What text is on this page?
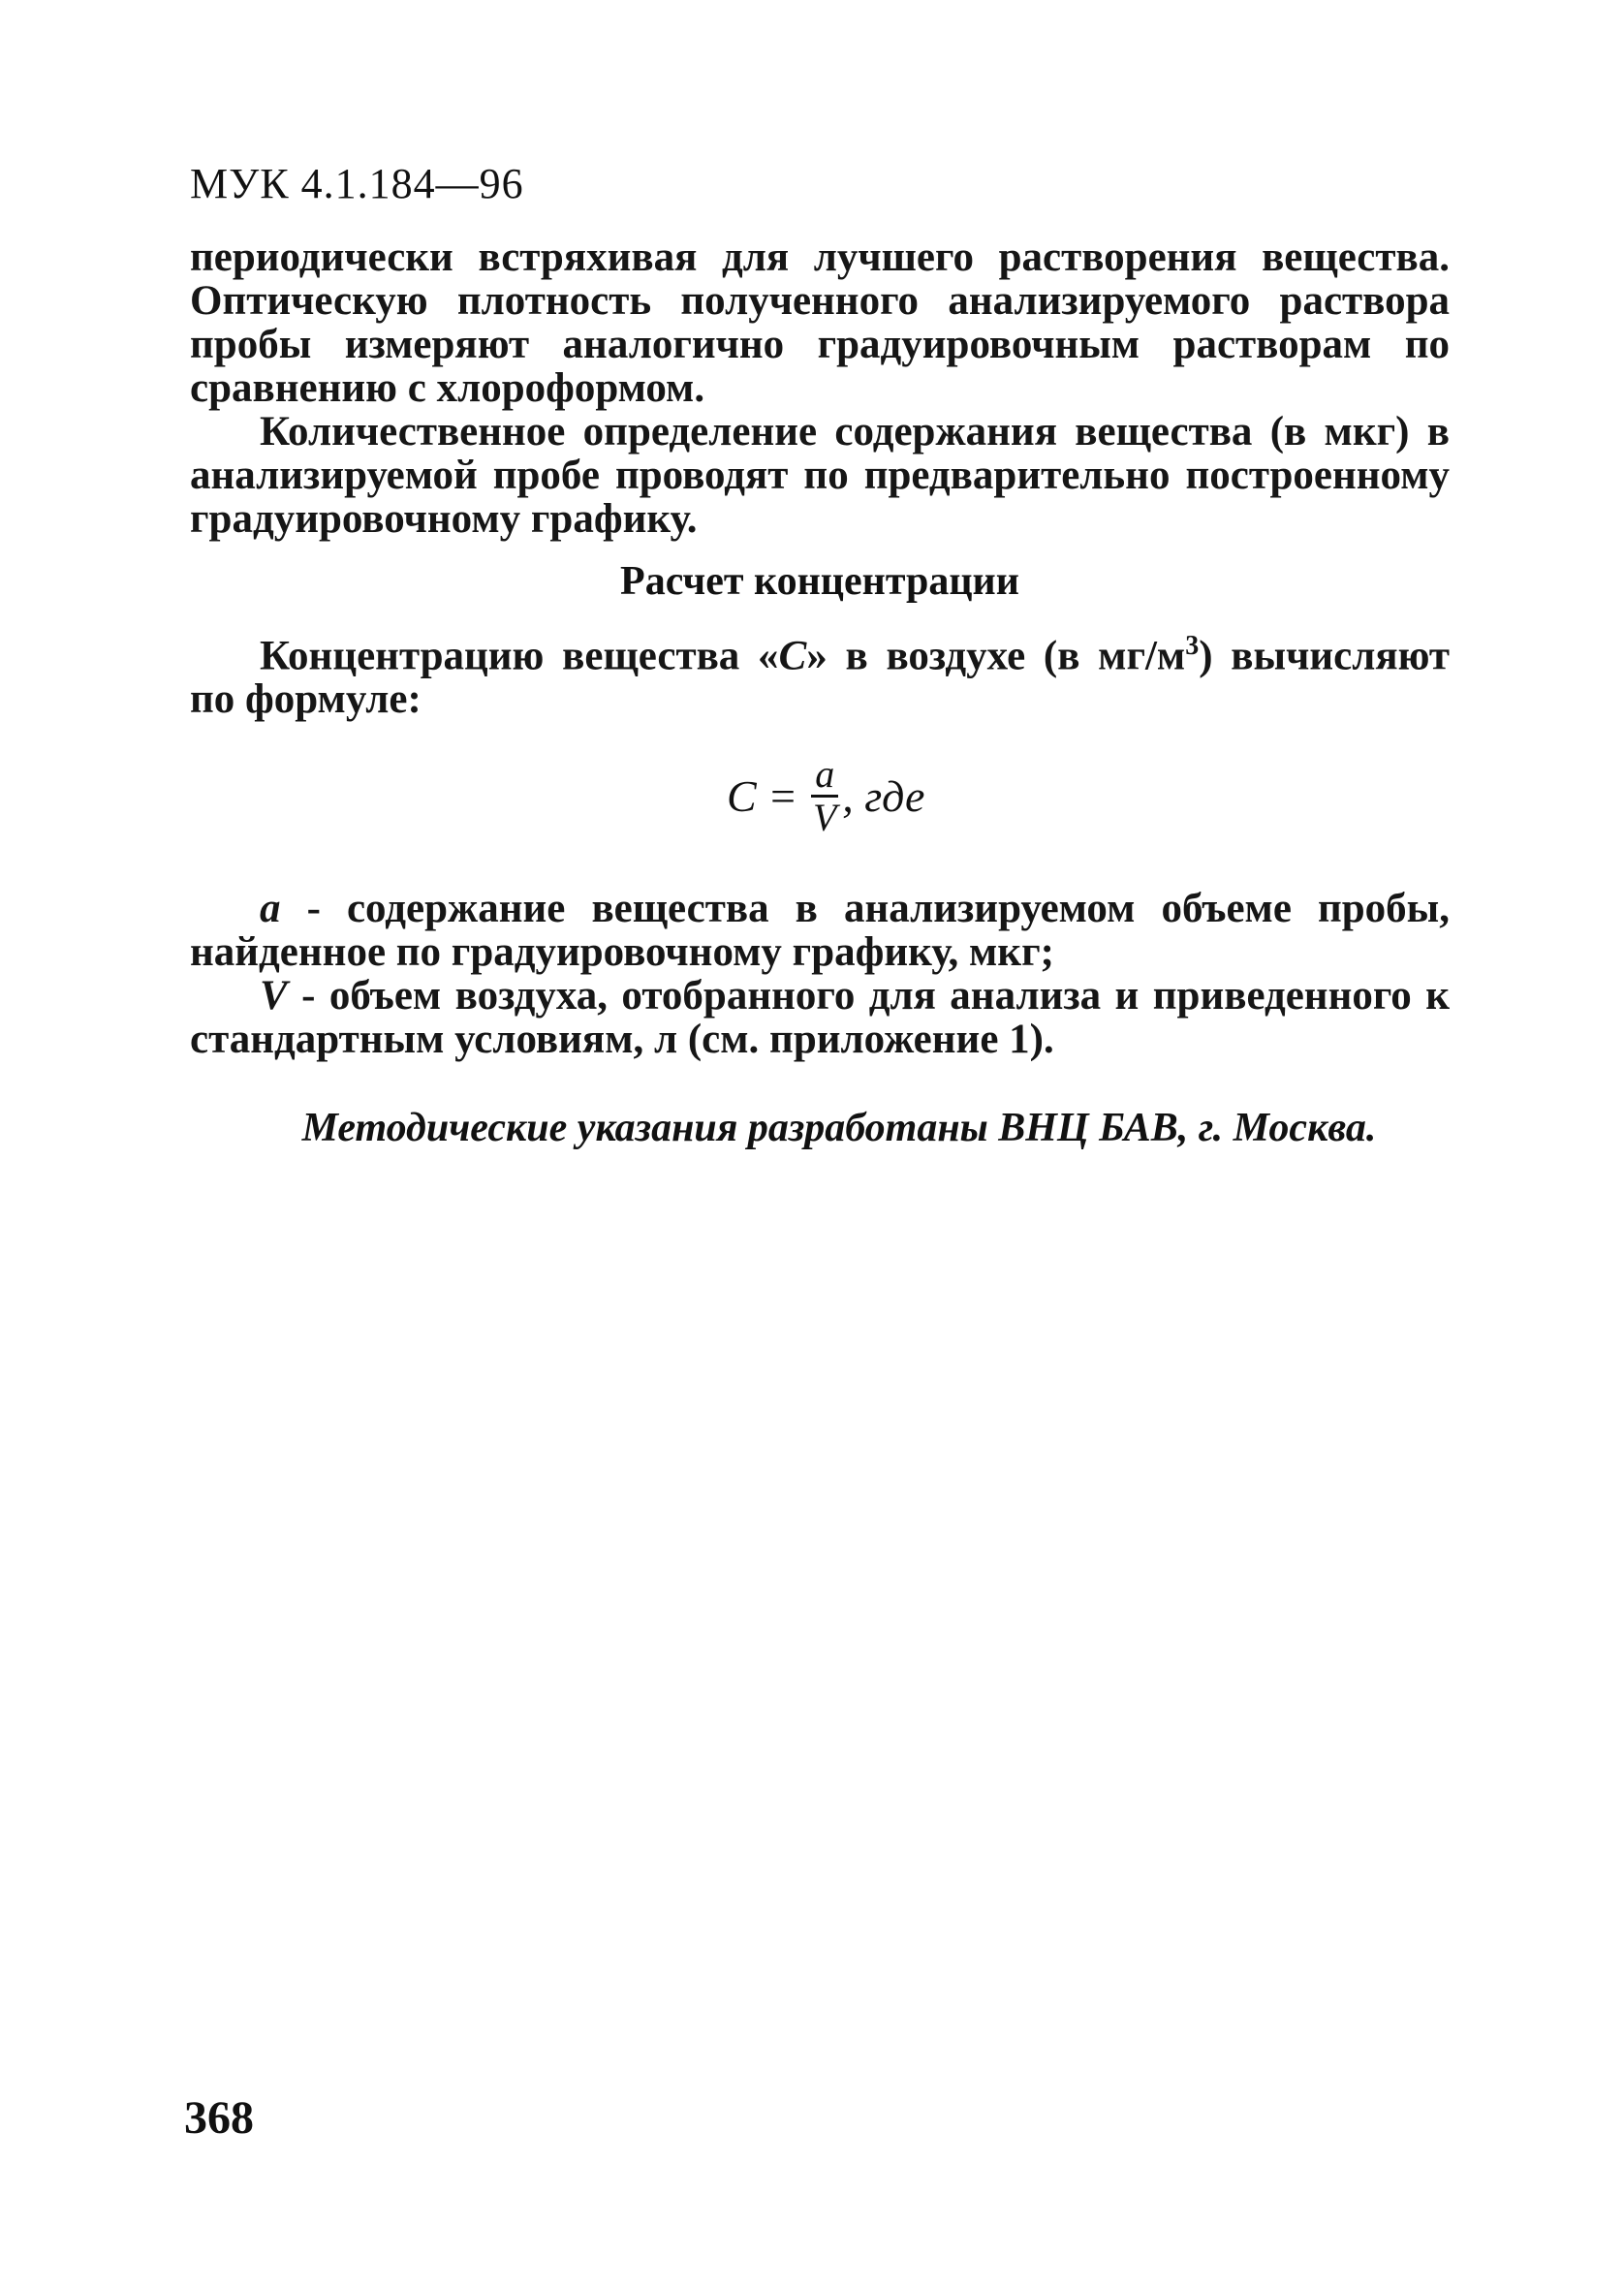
МУК 4.1.184—96

периодически встряхивая для лучшего растворения вещества. Оптическую плотность полученного анализируемого раствора пробы измеряют аналогично градуировочным растворам по сравнению с хлороформом.

Количественное определение содержания вещества (в мкг) в анализируемой пробе проводят по предварительно построенному градуировочному графику.

Расчет концентрации

Концентрацию вещества «С» в воздухе (в $мг/м^3$) вычисляют по формуле:

$С = \frac{а}{V}$ , где

а - содержание вещества в анализируемом объеме пробы, найденное по градуировочному графику, мкг;

V - объем воздуха, отобранного для анализа и приведенного к стандартным условиям, л (см. приложение 1).

Методические указания разработаны ВНЦ БАВ, г. Москва.
368
